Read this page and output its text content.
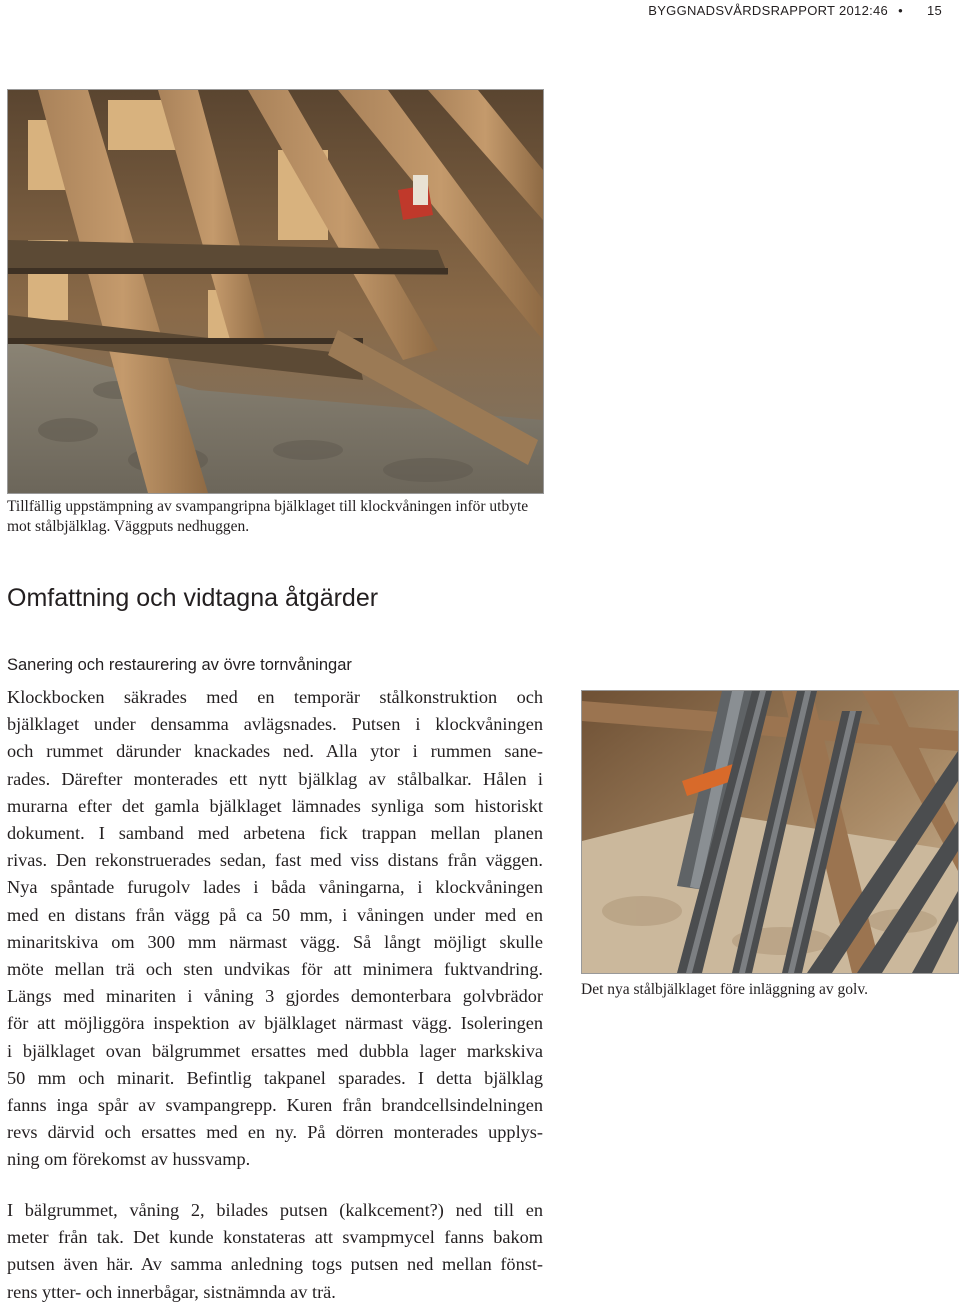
BYGGNADSVÅRDSRAPPORT 2012:46 • 15
Tillfällig uppstämpning av svampangripna bjälklaget till klockvåningen inför utbyte mot stålbjälklag. Väggputs nedhuggen.
Omfattning och vidtagna åtgärder
Sanering och restaurering av övre tornvåningar
Klockbocken säkrades med en temporär stålkonstruktion och
bjälklaget under densamma avlägsnades. Putsen i klockvåningen
och rummet därunder knackades ned. Alla ytor i rummen sane-
rades. Därefter monterades ett nytt bjälklag av stålbalkar. Hålen i
murarna efter det gamla bjälklaget lämnades synliga som historiskt
dokument. I samband med arbetena fick trappan mellan planen
rivas. Den rekonstruerades sedan, fast med viss distans från väggen.
Nya spåntade furugolv lades i båda våningarna, i klockvåningen
med en distans från vägg på ca 50 mm, i våningen under med en
minaritskiva om 300 mm närmast vägg. Så långt möjligt skulle
möte mellan trä och sten undvikas för att minimera fuktvandring.
Längs med minariten i våning 3 gjordes demonterbara golvbrädor
för att möjliggöra inspektion av bjälklaget närmast vägg. Isoleringen
i bjälklaget ovan bälgrummet ersattes med dubbla lager markskiva
50 mm och minarit. Befintlig takpanel sparades. I detta bjälklag
fanns inga spår av svampangrepp. Kuren från brandcellsindelningen
revs därvid och ersattes med en ny. På dörren monterades upplys-
ning om förekomst av hussvamp.
Det nya stålbjälklaget före inläggning av golv.
I bälgrummet, våning 2, bilades putsen (kalkcement?) ned till en
meter från tak. Det kunde konstateras att svampmycel fanns bakom
putsen även här. Av samma anledning togs putsen ned mellan fönst-
rens ytter- och innerbågar, sistnämnda av trä.
